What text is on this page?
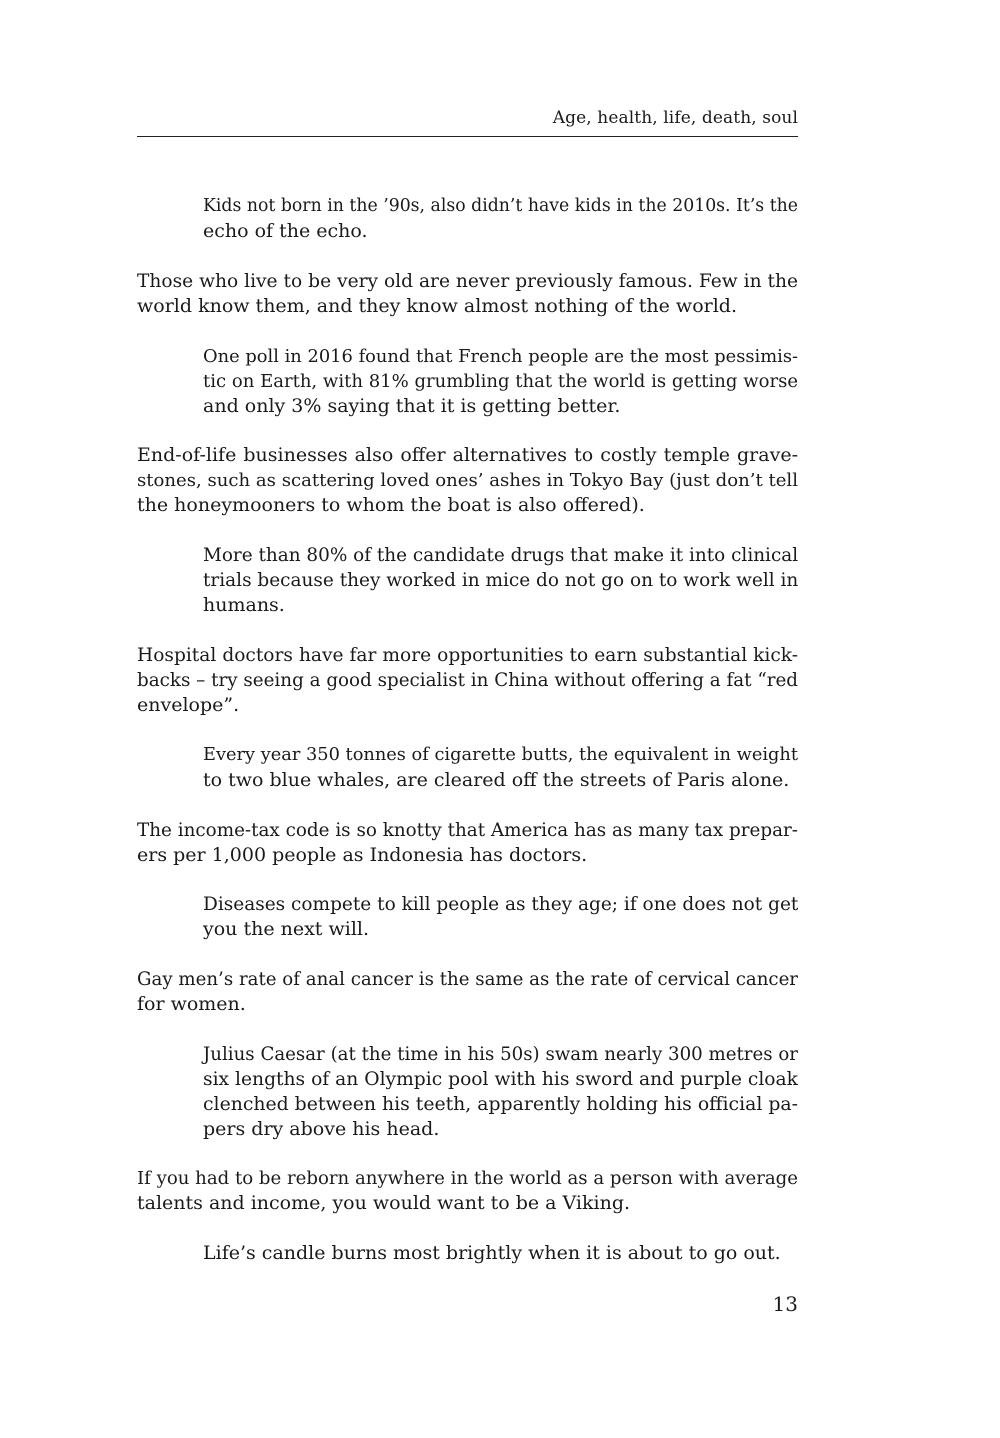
Age, health, life, death, soul

Kids not born in the ’90s, also didn’t have kids in the 2010s. It’s the
echo of the echo.

Those who live to be very old are never previously famous. Few in the
world know them, and they know almost nothing of the world.

One poll in 2016 found that French people are the most pessimis-
tic on Earth, with 81% grumbling that the world is getting worse
and only 3% saying that it is getting better.

End-of-life businesses also offer alternatives to costly temple grave-
stones, such as scattering loved ones’ ashes in Tokyo Bay (just don’t tell
the honeymooners to whom the boat is also offered).

More than 80% of the candidate drugs that make it into clinical
trials because they worked in mice do not go on to work well in
humans.

Hospital doctors have far more opportunities to earn substantial kick-
backs – try seeing a good specialist in China without offering a fat “red
envelope”.

Every year 350 tonnes of cigarette butts, the equivalent in weight
to two blue whales, are cleared off the streets of Paris alone.

The income-tax code is so knotty that America has as many tax prepar-
ers per 1,000 people as Indonesia has doctors.

Diseases compete to kill people as they age; if one does not get
you the next will.

Gay men’s rate of anal cancer is the same as the rate of cervical cancer
for women.

Julius Caesar (at the time in his 50s) swam nearly 300 metres or
six lengths of an Olympic pool with his sword and purple cloak
clenched between his teeth, apparently holding his official pa-
pers dry above his head.

If you had to be reborn anywhere in the world as a person with average
talents and income, you would want to be a Viking.

Life’s candle burns most brightly when it is about to go out.

13
